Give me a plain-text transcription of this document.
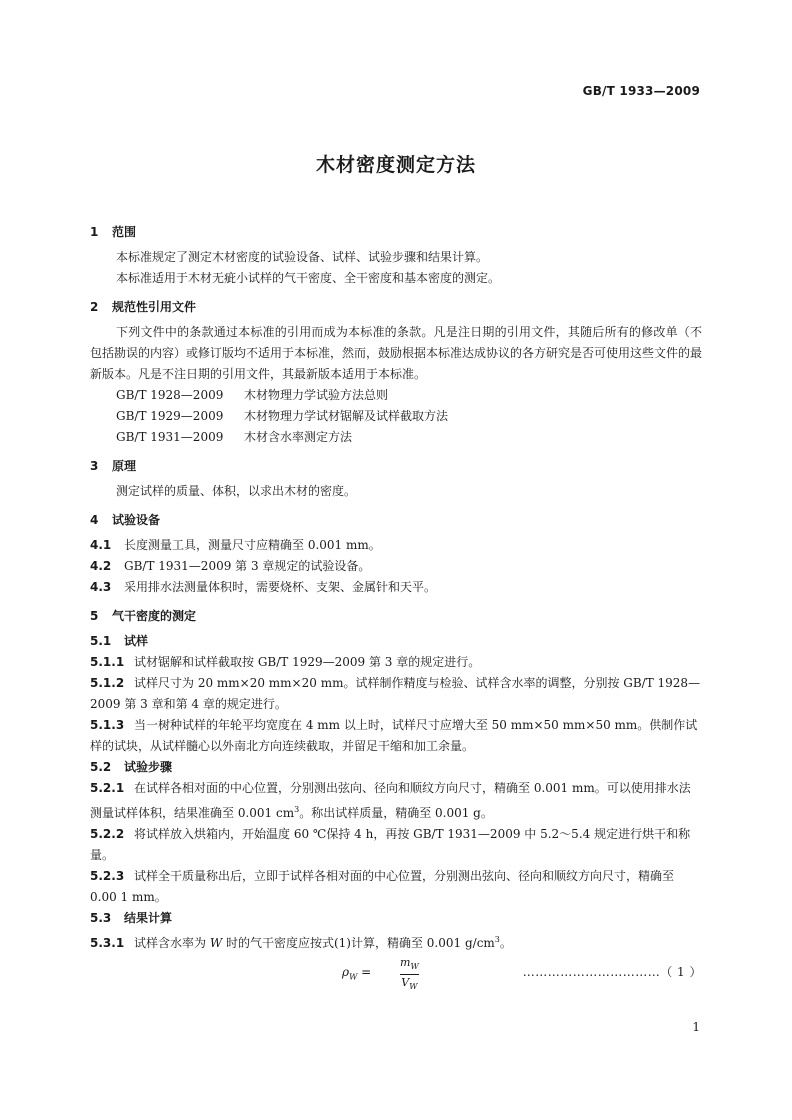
GB/T 1933—2009
木材密度测定方法
1 范围
本标准规定了测定木材密度的试验设备、试样、试验步骤和结果计算。
本标准适用于木材无疵小试样的气干密度、全干密度和基本密度的测定。
2 规范性引用文件
下列文件中的条款通过本标准的引用而成为本标准的条款。凡是注日期的引用文件，其随后所有的修改单（不包括勘误的内容）或修订版均不适用于本标准，然而，鼓励根据本标准达成协议的各方研究是否可使用这些文件的最新版本。凡是不注日期的引用文件，其最新版本适用于本标准。
GB/T 1928—2009 木材物理力学试验方法总则
GB/T 1929—2009 木材物理力学试材锯解及试样截取方法
GB/T 1931—2009 木材含水率测定方法
3 原理
测定试样的质量、体积，以求出木材的密度。
4 试验设备
4.1 长度测量工具，测量尺寸应精确至 0.001 mm。
4.2 GB/T 1931—2009 第 3 章规定的试验设备。
4.3 采用排水法测量体积时，需要烧杯、支架、金属针和天平。
5 气干密度的测定
5.1 试样
5.1.1 试材锯解和试样截取按 GB/T 1929—2009 第 3 章的规定进行。
5.1.2 试样尺寸为 20 mm×20 mm×20 mm。试样制作精度与检验、试样含水率的调整，分别按 GB/T 1928—2009 第 3 章和第 4 章的规定进行。
5.1.3 当一树种试样的年轮平均宽度在 4 mm 以上时，试样尺寸应增大至 50 mm×50 mm×50 mm。供制作试样的试块，从试样髓心以外南北方向连续截取，并留足干缩和加工余量。
5.2 试验步骤
5.2.1 在试样各相对面的中心位置，分别测出弦向、径向和顺纹方向尺寸，精确至 0.001 mm。可以使用排水法测量试样体积，结果准确至 0.001 $cm^3$。称出试样质量，精确至 0.001 g。
5.2.2 将试样放入烘箱内，开始温度 60 ℃保持 4 h，再按 GB/T 1931—2009 中 5.2～5.4 规定进行烘干和称量。
5.2.3 试样全干质量称出后，立即于试样各相对面的中心位置，分别测出弦向、径向和顺纹方向尺寸，精确至 0.00 1 mm。
5.3 结果计算
5.3.1 试样含水率为 W 时的气干密度应按式(1)计算，精确至 0.001 $g/cm^3$。
$\rho_W$ =
$m_W$
$V_W$
……………………………（ 1 ）
1
